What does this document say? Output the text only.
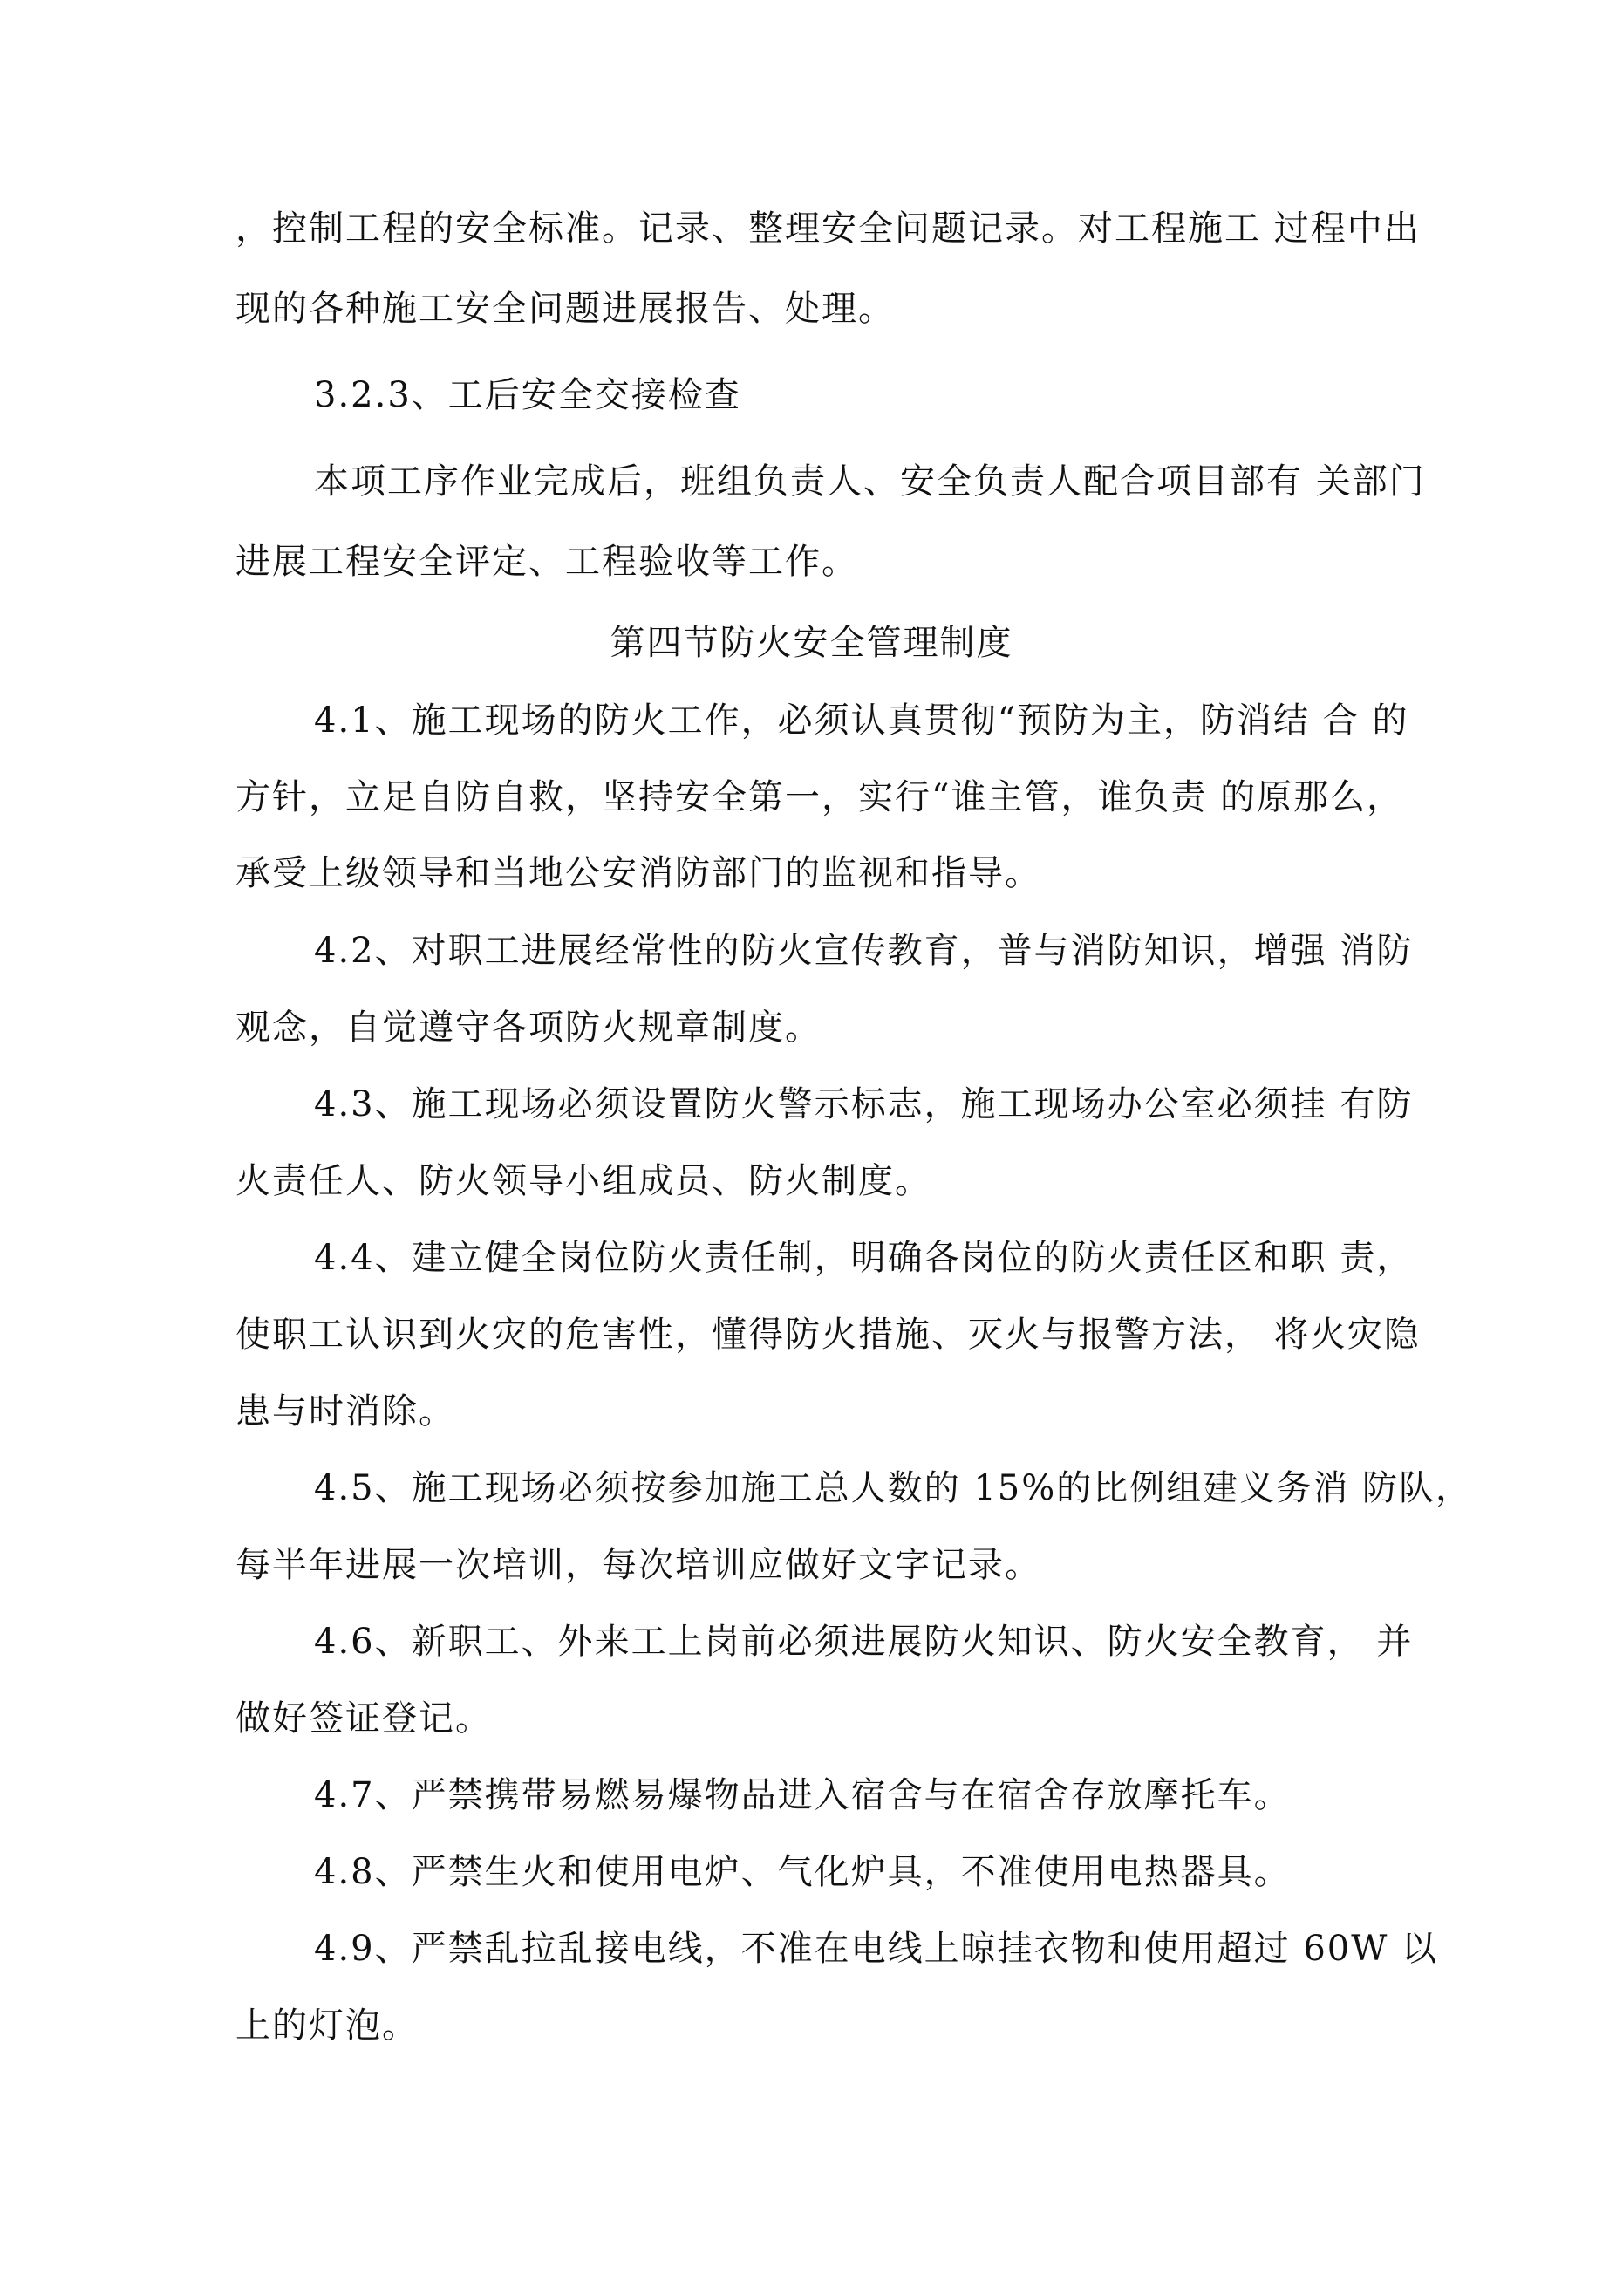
，控制工程的安全标准。记录、整理安全问题记录。对工程施工 过程中出
现的各种施工安全问题进展报告、处理。
3.2.3、工后安全交接检查
本项工序作业完成后，班组负责人、安全负责人配合项目部有 关部门
进展工程安全评定、工程验收等工作。
第四节防火安全管理制度
4.1、施工现场的防火工作，必须认真贯彻“预防为主，防消结 合 的
方针，立足自防自救，坚持安全第一，实行“谁主管，谁负责 的原那么，
承受上级领导和当地公安消防部门的监视和指导。
4.2、对职工进展经常性的防火宣传教育，普与消防知识，增强 消防
观念，自觉遵守各项防火规章制度。
4.3、施工现场必须设置防火警示标志，施工现场办公室必须挂 有防
火责任人、防火领导小组成员、防火制度。
4.4、建立健全岗位防火责任制，明确各岗位的防火责任区和职 责，
使职工认识到火灾的危害性，懂得防火措施、灭火与报警方法， 将火灾隐
患与时消除。
4.5、施工现场必须按参加施工总人数的 15%的比例组建义务消 防队，
每半年进展一次培训，每次培训应做好文字记录。
4.6、新职工、外来工上岗前必须进展防火知识、防火安全教育， 并
做好签证登记。
4.7、严禁携带易燃易爆物品进入宿舍与在宿舍存放摩托车。
4.8、严禁生火和使用电炉、气化炉具，不准使用电热器具。
4.9、严禁乱拉乱接电线，不准在电线上晾挂衣物和使用超过 60W 以
上的灯泡。
